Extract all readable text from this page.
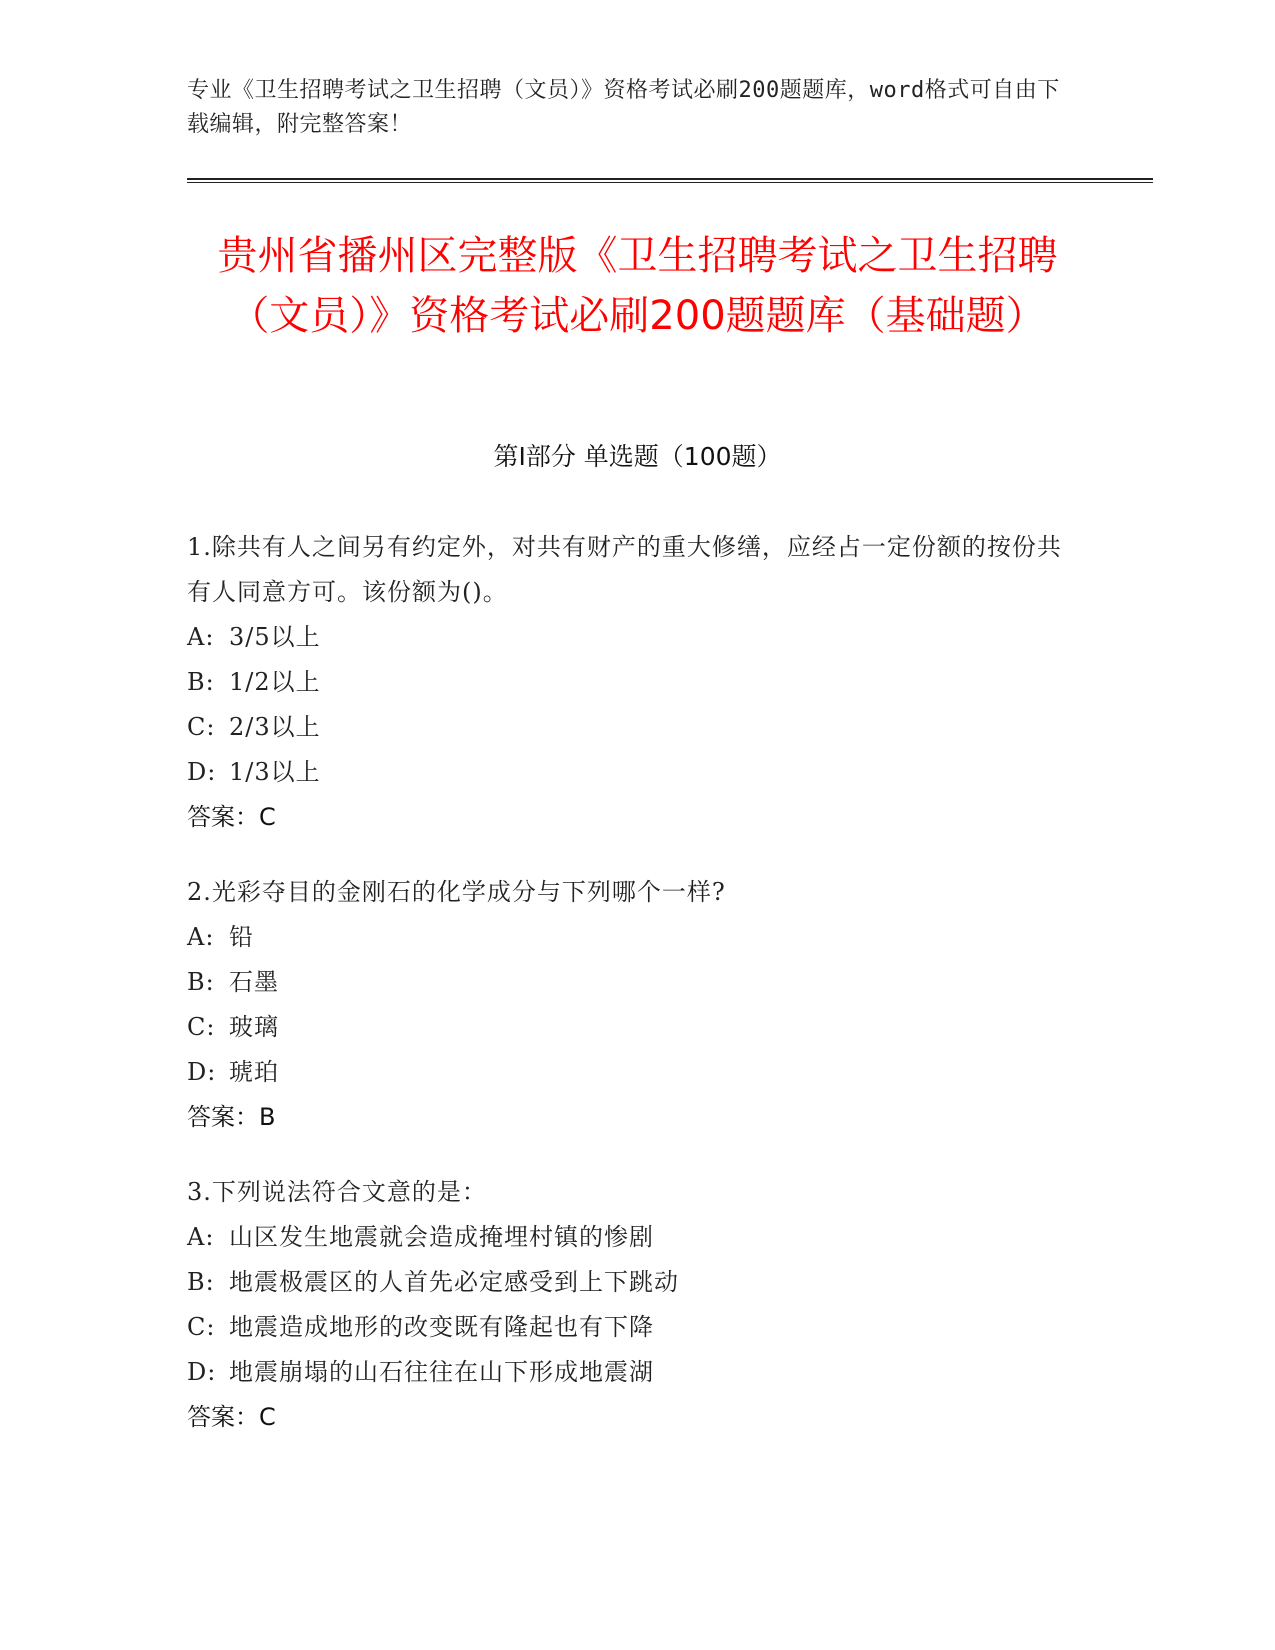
专业《卫生招聘考试之卫生招聘（文员）》资格考试必刷200题题库，word格式可自由下载编辑，附完整答案！
贵州省播州区完整版《卫生招聘考试之卫生招聘（文员）》资格考试必刷200题题库（基础题）
第Ⅰ部分 单选题（100题）
1.除共有人之间另有约定外，对共有财产的重大修缮，应经占一定份额的按份共有人同意方可。该份额为()。
A: 3/5以上
B: 1/2以上
C: 2/3以上
D: 1/3以上
答案：C
2.光彩夺目的金刚石的化学成分与下列哪个一样?
A: 铅
B: 石墨
C: 玻璃
D: 琥珀
答案：B
3.下列说法符合文意的是：
A: 山区发生地震就会造成掩埋村镇的惨剧
B: 地震极震区的人首先必定感受到上下跳动
C: 地震造成地形的改变既有隆起也有下降
D: 地震崩塌的山石往往在山下形成地震湖
答案：C
